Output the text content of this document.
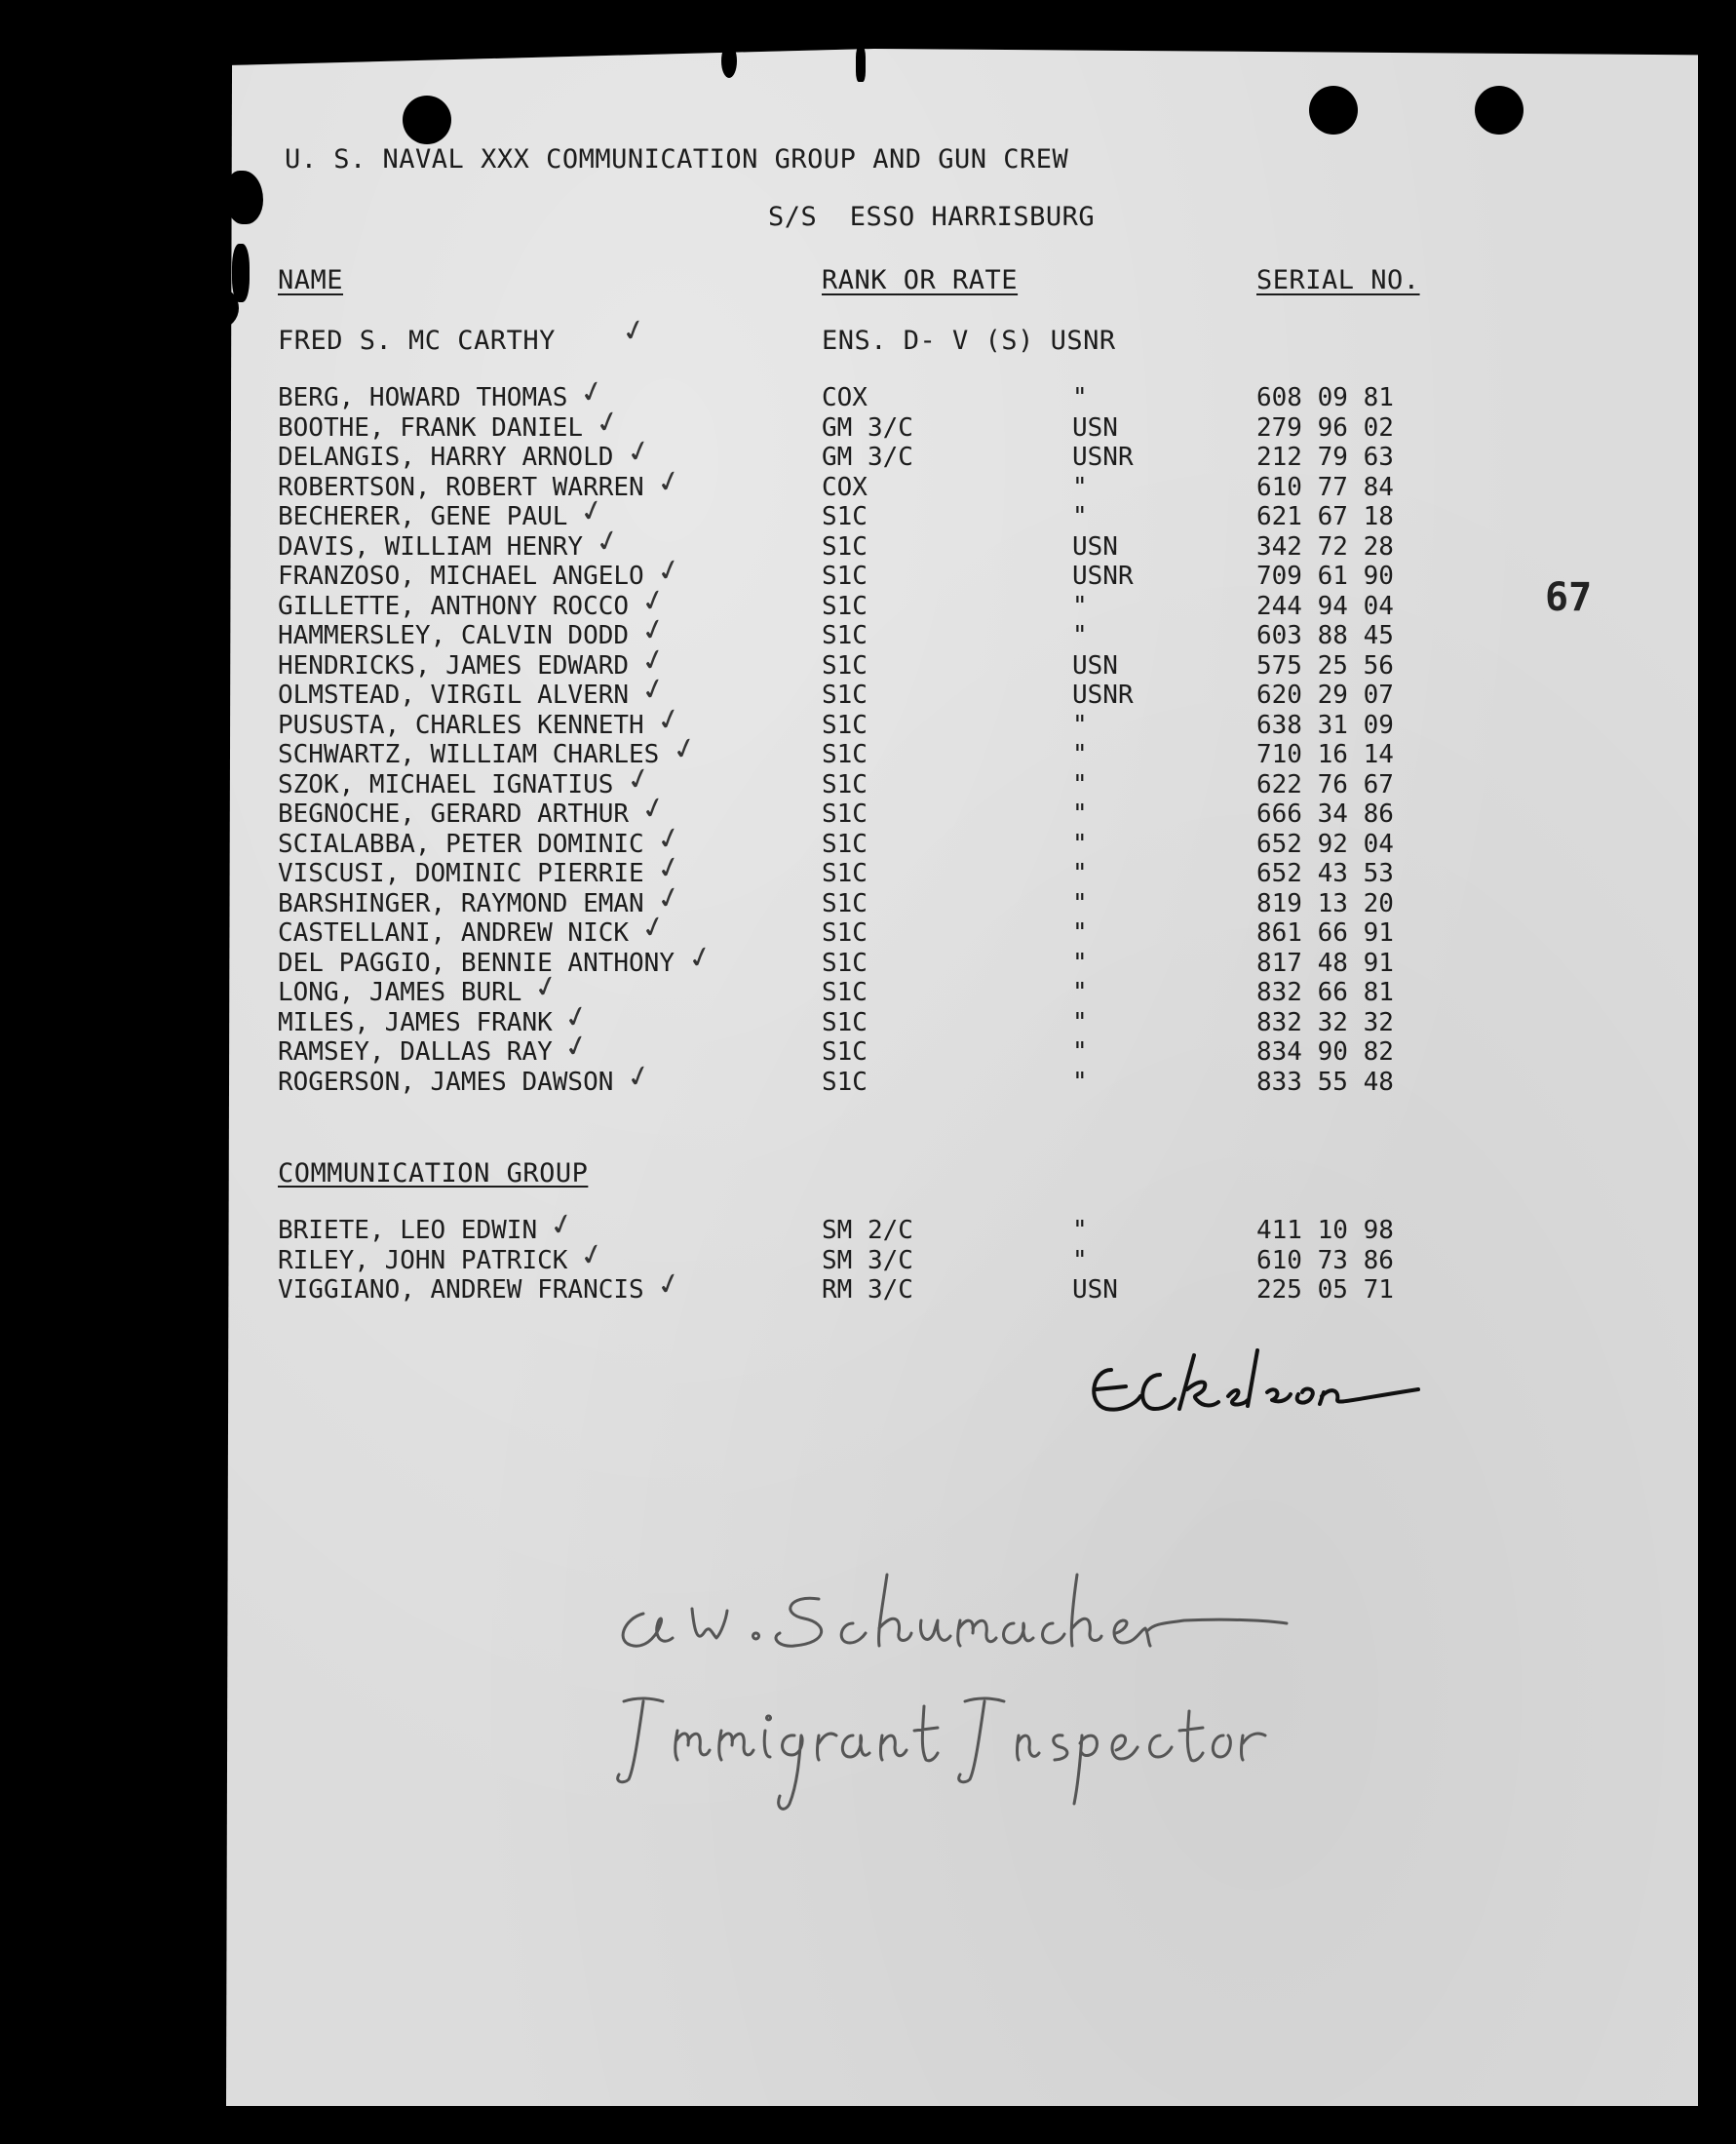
U. S. NAVAL XXX COMMUNICATION GROUP AND GUN CREW
S/S  ESSO HARRISBURG
NAME	RANK OR RATE	SERIAL NO.
FRED S. MC CARTHY ✓	ENS. D- V (S) USNR
BERG, HOWARD THOMAS	COX	"	608 09 81
✓
BOOTHE, FRANK DANIEL	GM 3/C	USN	279 96 02
✓
DELANGIS, HARRY ARNOLD	GM 3/C	USNR	212 79 63
✓
ROBERTSON, ROBERT WARREN	COX	"	610 77 84
✓
BECHERER, GENE PAUL	S1C	"	621 67 18
✓
DAVIS, WILLIAM HENRY	S1C	USN	342 72 28
✓
FRANZOSO, MICHAEL ANGELO	S1C	USNR	709 61 90
✓
GILLETTE, ANTHONY ROCCO	S1C	"	244 94 04
✓
HAMMERSLEY, CALVIN DODD	S1C	"	603 88 45
✓
HENDRICKS, JAMES EDWARD	S1C	USN	575 25 56
✓
OLMSTEAD, VIRGIL ALVERN	S1C	USNR	620 29 07
✓
PUSUSTA, CHARLES KENNETH	S1C	"	638 31 09
✓
SCHWARTZ, WILLIAM CHARLES	S1C	"	710 16 14
✓
SZOK, MICHAEL IGNATIUS	S1C	"	622 76 67
✓
BEGNOCHE, GERARD ARTHUR	S1C	"	666 34 86
✓
SCIALABBA, PETER DOMINIC	S1C	"	652 92 04
✓
VISCUSI, DOMINIC PIERRIE	S1C	"	652 43 53
✓
BARSHINGER, RAYMOND EMAN	S1C	"	819 13 20
✓
CASTELLANI, ANDREW NICK	S1C	"	861 66 91
✓
DEL PAGGIO, BENNIE ANTHONY	S1C	"	817 48 91
✓
LONG, JAMES BURL	S1C	"	832 66 81
✓
MILES, JAMES FRANK	S1C	"	832 32 32
✓
RAMSEY, DALLAS RAY	S1C	"	834 90 82
✓
ROGERSON, JAMES DAWSON	S1C	"	833 55 48
✓
COMMUNICATION GROUP
BRIETE, LEO EDWIN	SM 2/C	"	411 10 98
✓
RILEY, JOHN PATRICK	SM 3/C	"	610 73 86
✓
VIGGIANO, ANDREW FRANCIS	RM 3/C	USN	225 05 71
✓
67
